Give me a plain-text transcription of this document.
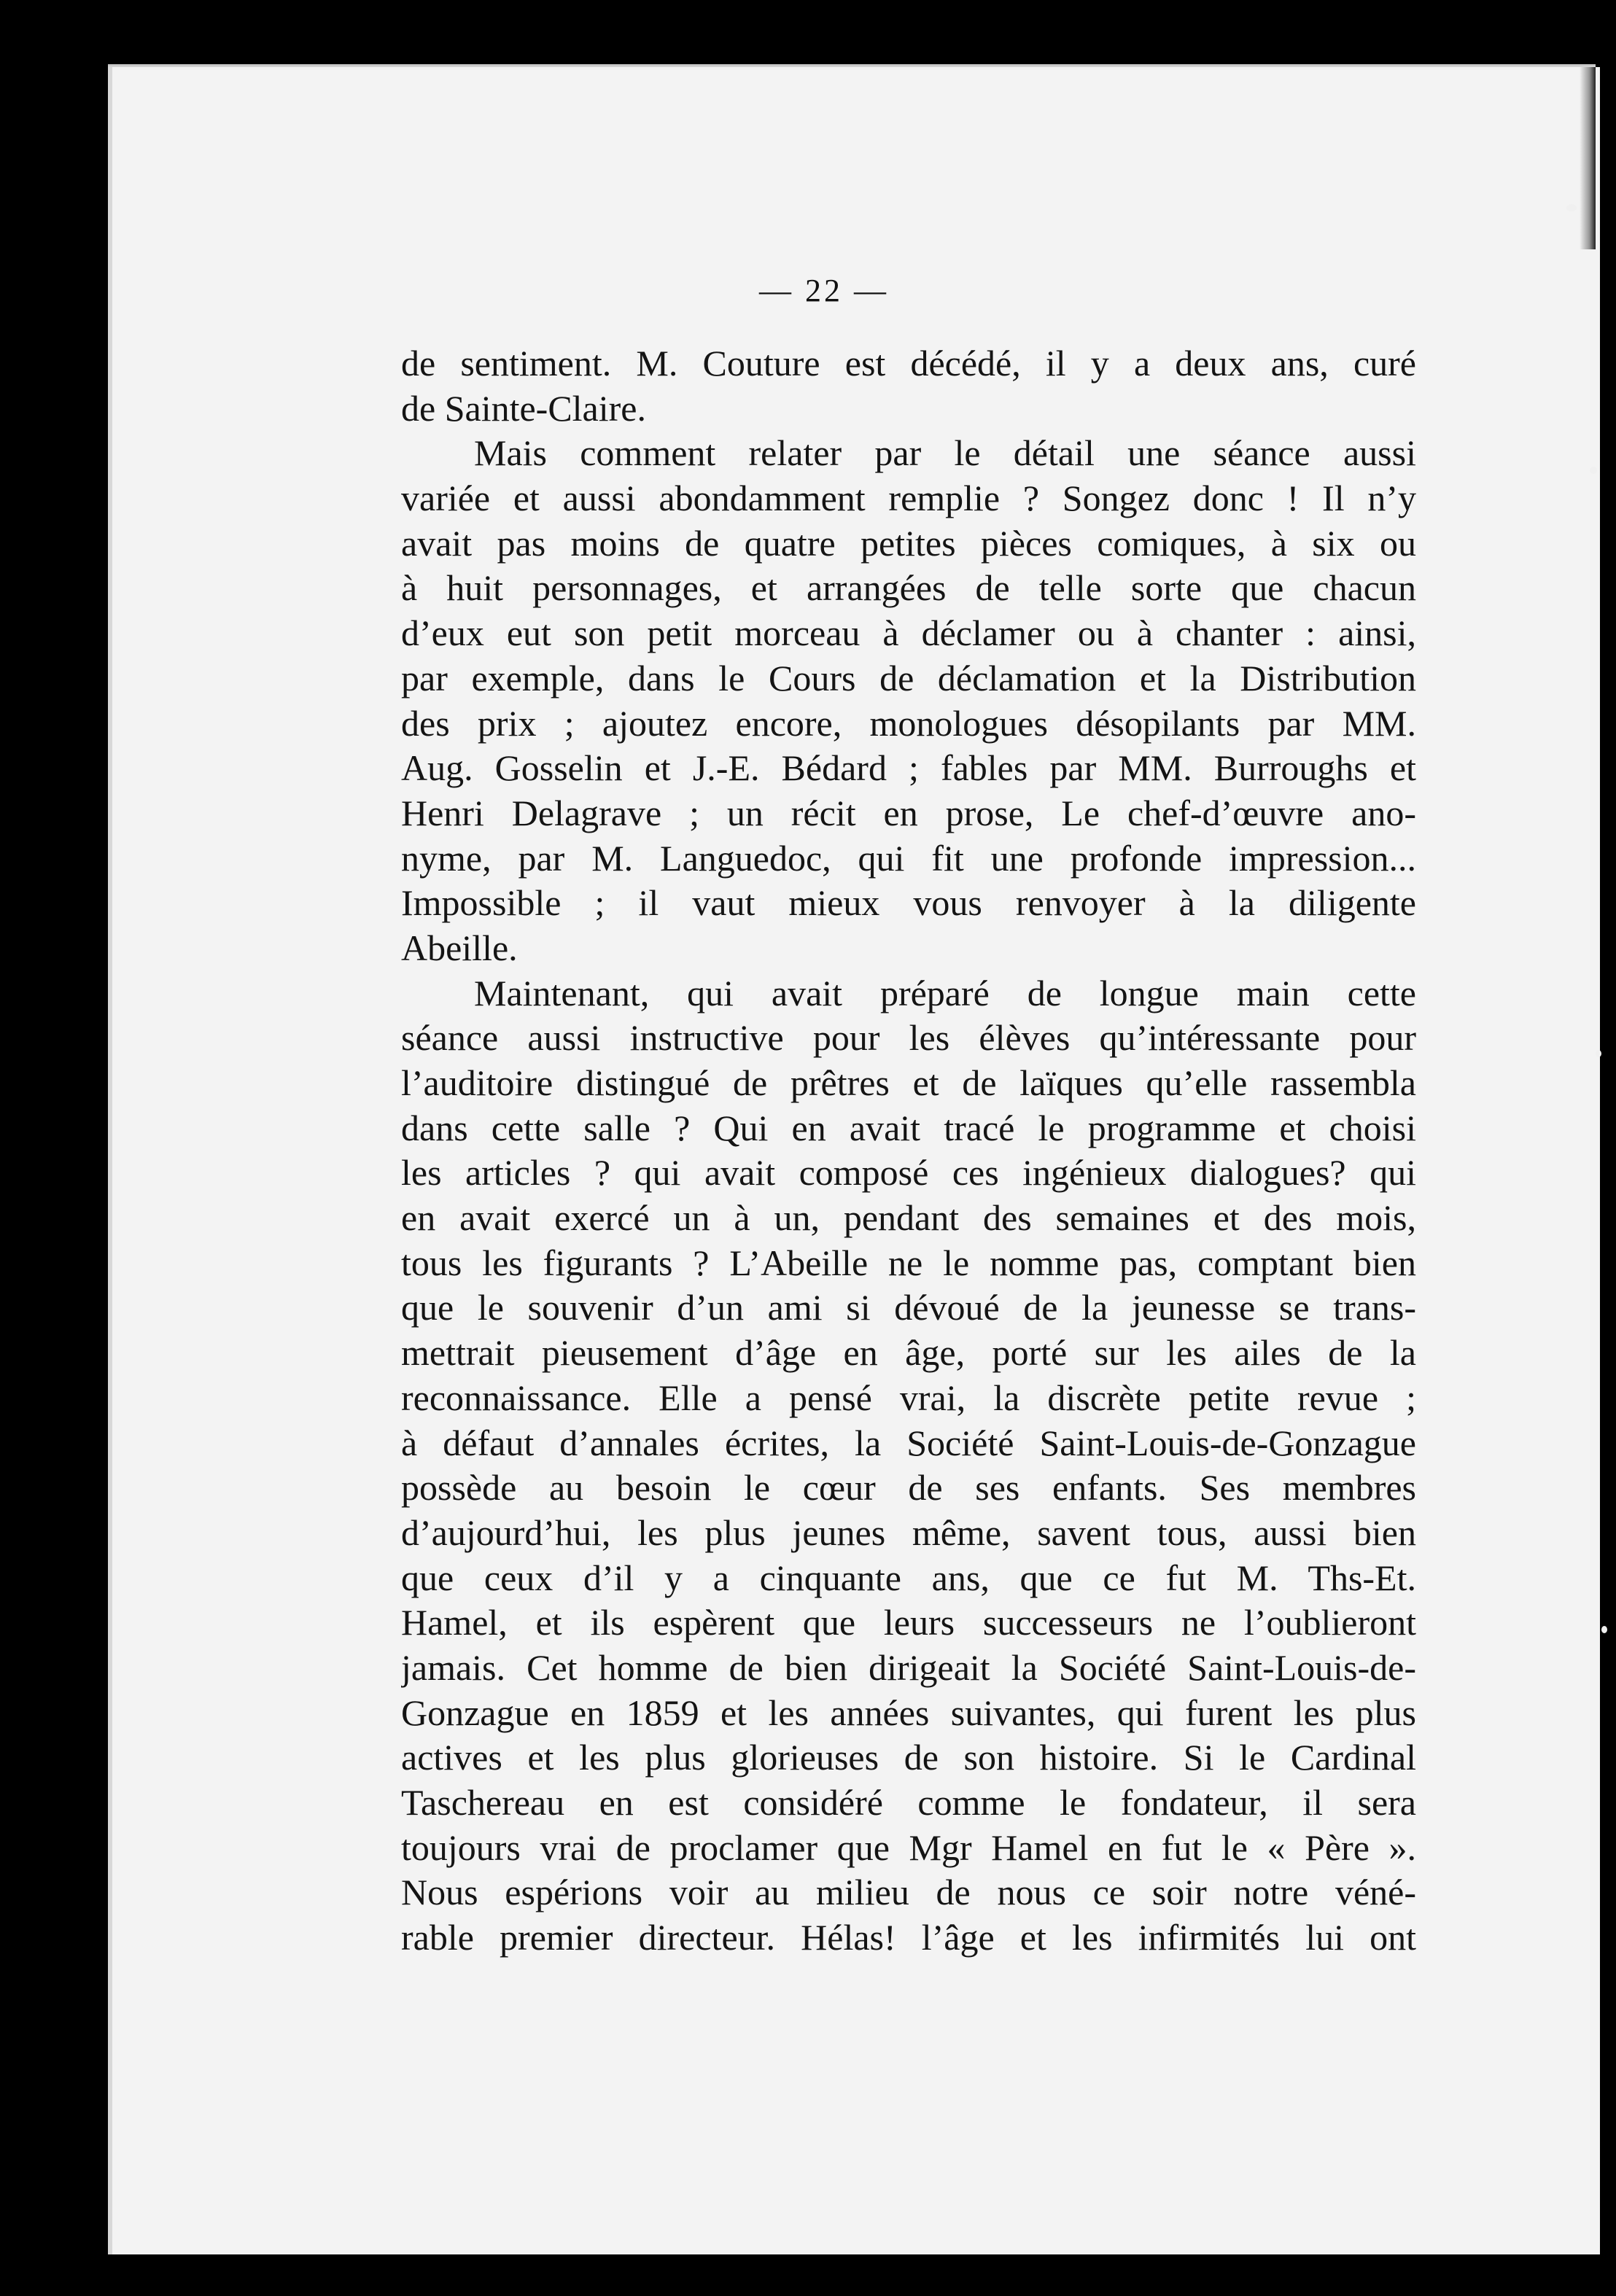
— 22 —
de sentiment. M. Couture est décédé, il y a deux ans, curé
de Sainte-Claire.
Mais comment relater par le détail une séance aussi
variée et aussi abondamment remplie ? Songez donc ! Il n’y
avait pas moins de quatre petites pièces comiques, à six ou
à huit personnages, et arrangées de telle sorte que chacun
d’eux eut son petit morceau à déclamer ou à chanter : ainsi,
par exemple, dans le Cours de déclamation et la Distribution
des prix ; ajoutez encore, monologues désopilants par MM.
Aug. Gosselin et J.-E. Bédard ; fables par MM. Burroughs et
Henri Delagrave ; un récit en prose, Le chef-d’œuvre ano-
nyme, par M. Languedoc, qui fit une profonde impression...
Impossible ; il vaut mieux vous renvoyer à la diligente
Abeille.
Maintenant, qui avait préparé de longue main cette
séance aussi instructive pour les élèves qu’intéressante pour
l’auditoire distingué de prêtres et de laïques qu’elle rassembla
dans cette salle ? Qui en avait tracé le programme et choisi
les articles ? qui avait composé ces ingénieux dialogues? qui
en avait exercé un à un, pendant des semaines et des mois,
tous les figurants ? L’Abeille ne le nomme pas, comptant bien
que le souvenir d’un ami si dévoué de la jeunesse se trans-
mettrait pieusement d’âge en âge, porté sur les ailes de la
reconnaissance. Elle a pensé vrai, la discrète petite revue ;
à défaut d’annales écrites, la Société Saint-Louis-de-Gonzague
possède au besoin le cœur de ses enfants. Ses membres
d’aujourd’hui, les plus jeunes même, savent tous, aussi bien
que ceux d’il y a cinquante ans, que ce fut M. Ths-Et.
Hamel, et ils espèrent que leurs successeurs ne l’oublieront
jamais. Cet homme de bien dirigeait la Société Saint-Louis-de-
Gonzague en 1859 et les années suivantes, qui furent les plus
actives et les plus glorieuses de son histoire. Si le Cardinal
Taschereau en est considéré comme le fondateur, il sera
toujours vrai de proclamer que Mgr Hamel en fut le « Père ».
Nous espérions voir au milieu de nous ce soir notre véné-
rable premier directeur. Hélas! l’âge et les infirmités lui ont
